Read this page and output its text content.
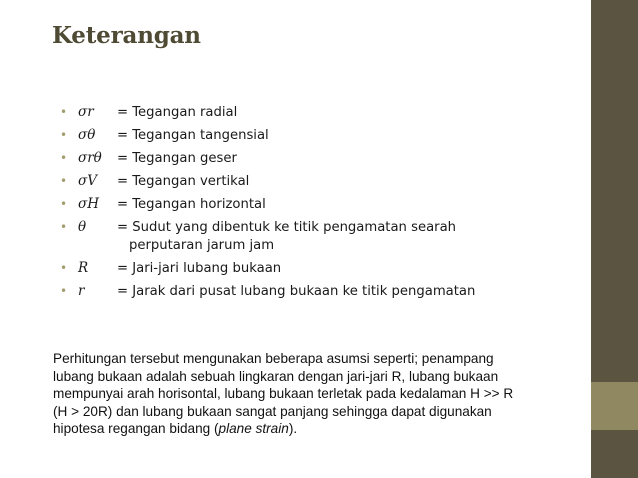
Keterangan
• σr	= Tegangan radial
• σθ	= Tegangan tangensial
• σrθ	= Tegangan geser
• σV	= Tegangan vertikal
• σH	= Tegangan horizontal
• θ	= Sudut yang dibentuk ke titik pengamatan searah
perputaran jarum jam
• R	= Jari-jari lubang bukaan
• r	= Jarak dari pusat lubang bukaan ke titik pengamatan

Perhitungan tersebut mengunakan beberapa asumsi seperti; penampang
lubang bukaan adalah sebuah lingkaran dengan jari-jari R, lubang bukaan
mempunyai arah horisontal, lubang bukaan terletak pada kedalaman H >> R
(H > 20R) dan lubang bukaan sangat panjang sehingga dapat digunakan
hipotesa regangan bidang (plane strain).
